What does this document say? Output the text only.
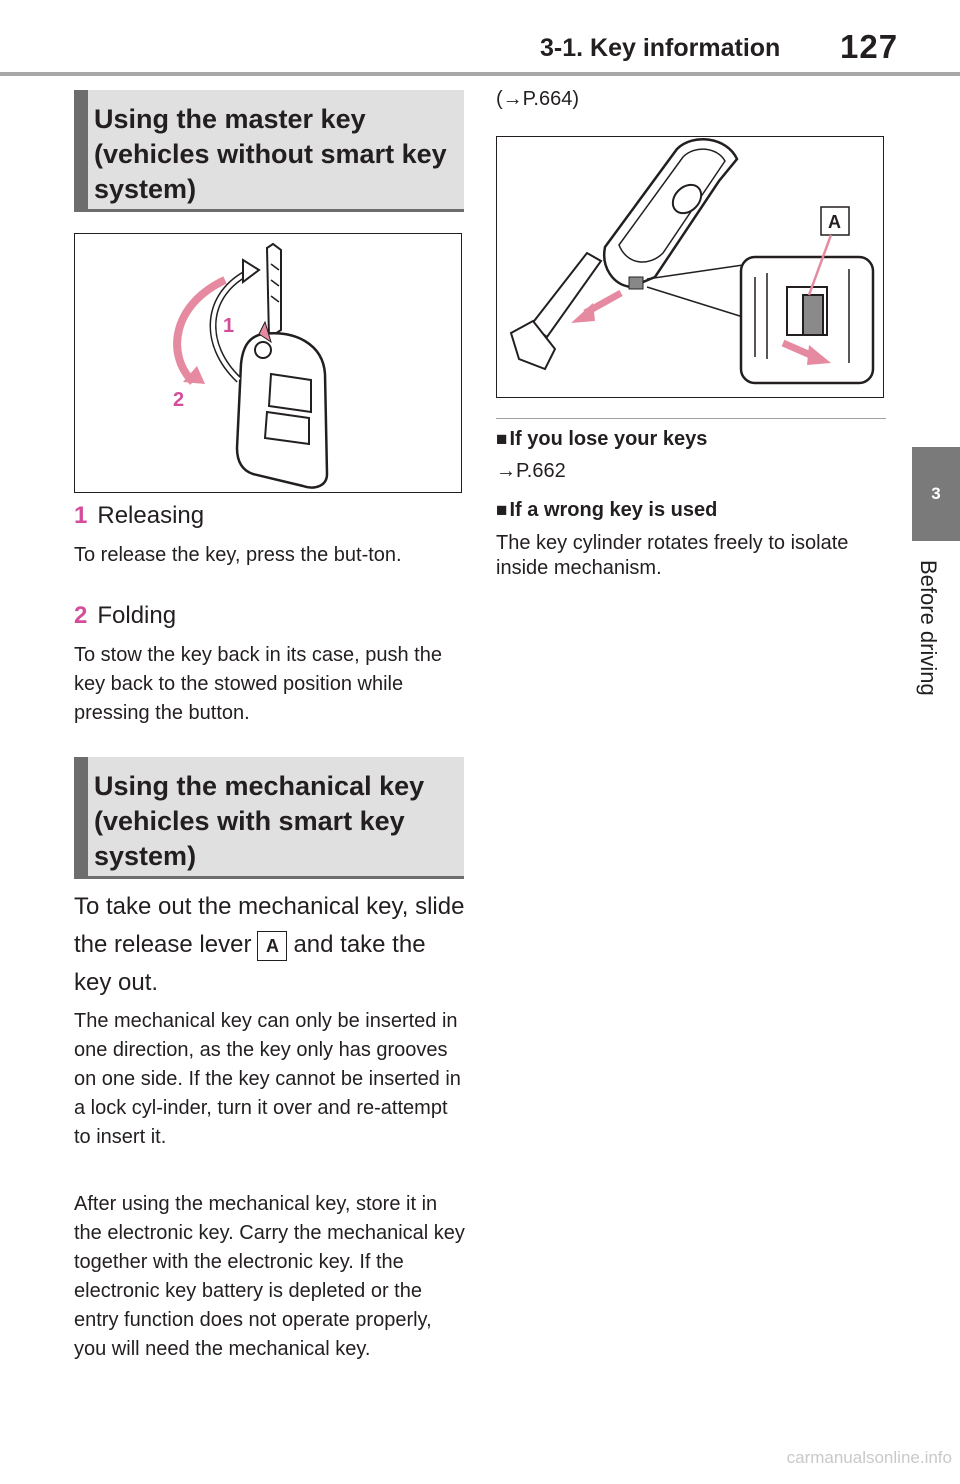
3-1. Key information 127
3
Before driving
Using the master key (vehicles without smart key system)
1
2
1 Releasing
To release the key, press the but-ton.
2 Folding
To stow the key back in its case, push the key back to the stowed position while pressing the button.
Using the mechanical key (vehicles with smart key system)
To take out the mechanical key, slide the release lever A and take the key out.
The mechanical key can only be inserted in one direction, as the key only has grooves on one side. If the key cannot be inserted in a lock cyl-inder, turn it over and re-attempt to insert it.
After using the mechanical key, store it in the electronic key. Carry the mechanical key together with the electronic key. If the electronic key battery is depleted or the entry function does not operate properly, you will need the mechanical key.
(→P.664)
A
■ If you lose your keys
→P.662
■ If a wrong key is used
The key cylinder rotates freely to isolate inside mechanism.
carmanualsonline.info
